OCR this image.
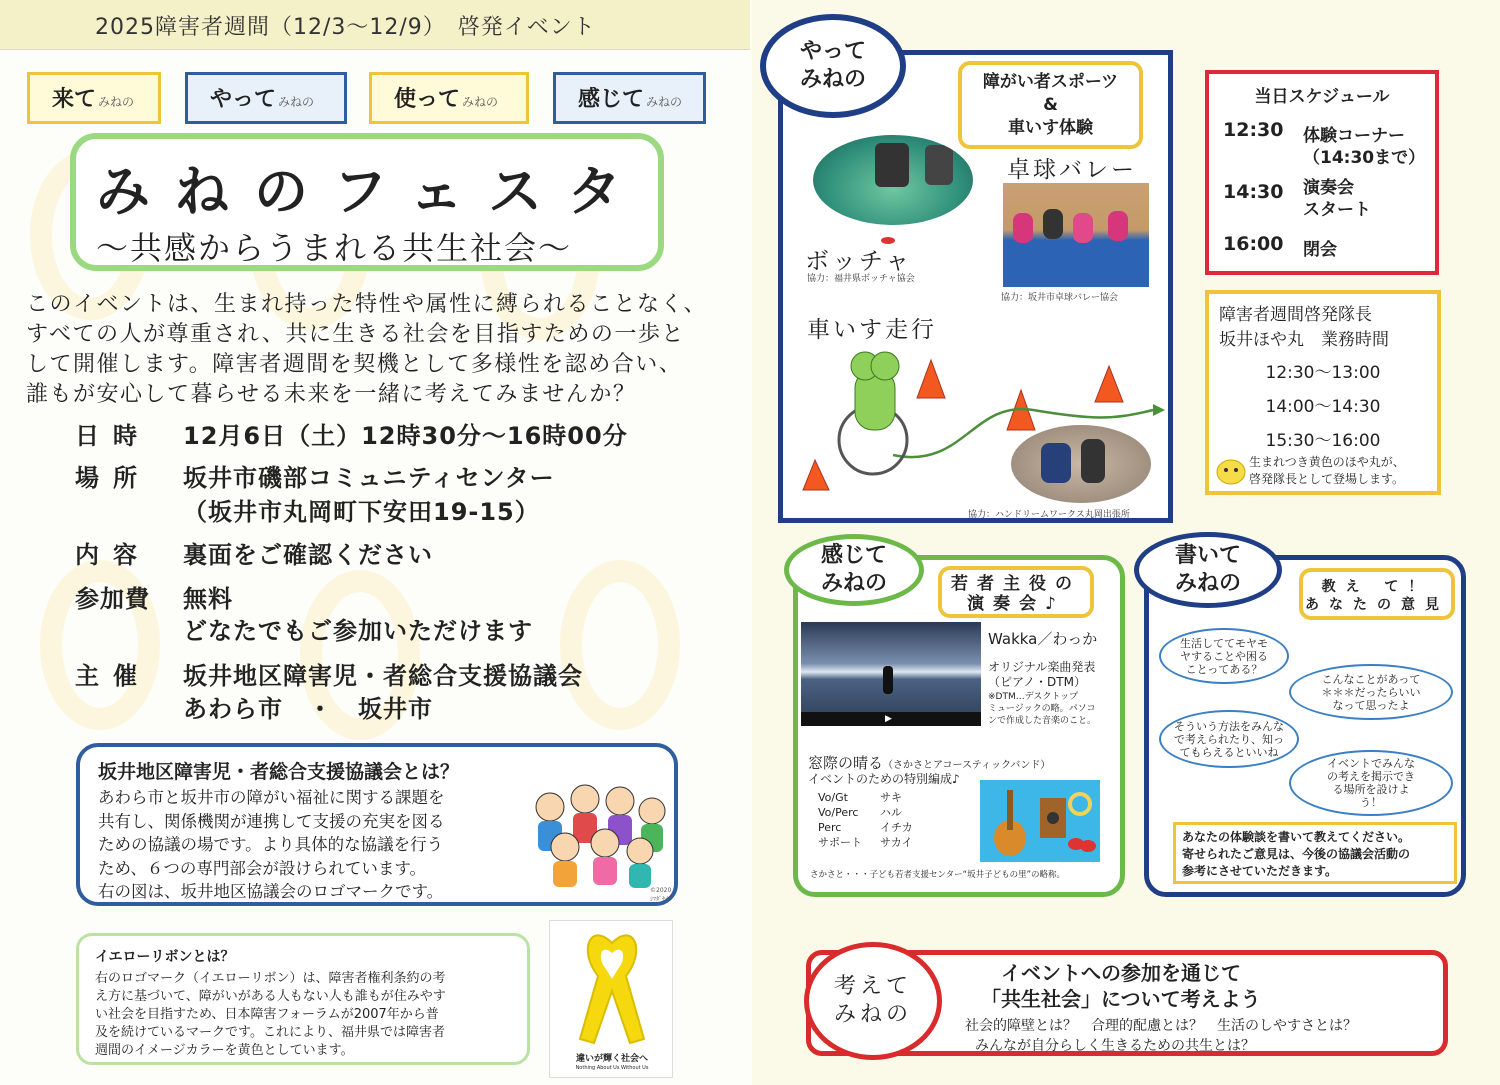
2025障害者週間（12/3～12/9）　啓発イベント
来て みねの	やって みねの	使って みねの	感じて みねの
みねのフェスタ
～共感からうまれる共生社会～
このイベントは、生まれ持った特性や属性に縛られることなく、
すべての人が尊重され、共に生きる社会を目指すための一歩と
して開催します。障害者週間を契機として多様性を認め合い、
誰もが安心して暮らせる未来を一緒に考えてみませんか？
日時 12月6日（土）12時30分～16時00分
場所 坂井市磯部コミュニティセンター
（坂井市丸岡町下安田19-15）
内容 裏面をご確認ください
参加費 無料
どなたでもご参加いただけます
主催 坂井地区障害児・者総合支援協議会
あわら市　・　坂井市
坂井地区障害児・者総合支援協議会とは？
あわら市と坂井市の障がい福祉に関する課題を
共有し、関係機関が連携して支援の充実を図る
ための協議の場です。より具体的な協議を行う
ため、６つの専門部会が設けられています。
右の図は、坂井地区協議会のロゴマークです。	©2020 ｼﾏﾀﾞｾｲｶ
イエローリボンとは？
右のロゴマーク（イエローリボン）は、障害者権利条約の考
え方に基づいて、障がいがある人もない人も誰もが住みやす
い社会を目指すため、日本障害フォーラムが2007年から普
及を続けているマークです。これにより、福井県では障害者
週間のイメージカラーを黄色としています。
違いが輝く社会へ
Nothing About Us Without Us
障がい者スポーツ
&
車いす体験
ボッチャ
協力：福井県ボッチャ協会
卓球バレー
協力：坂井市卓球バレー協会
車いす走行
協力：ハンドリームワークス丸岡出張所
やって
みねの
当日スケジュール
12:30 体験コーナー
（14:30まで）
14:30 演奏会
スタート
16:00 閉会
障害者週間啓発隊長
坂井ほや丸　業務時間
12:30～13:00
14:00～14:30
15:30～16:00
生まれつき黄色のほや丸が、
啓発隊長として登場します。
若者主役の
演奏会♪
▶
Wakka／わっか
オリジナル楽曲発表
（ピアノ・DTM）
※DTM…デスクトップ
ミュージックの略。パソコ
ンで作成した音楽のこと。
窓際の晴る（さかさとアコースティックバンド）
イベントのための特別編成♪
Vo/Gt	サキ
Vo/Perc ハル
Perc	イチカ
サポート サカイ
さかさと・・・子ども若者支援センター“坂井子どもの里”の略称。
感じて
みねの	教え て！
あなたの意見
生活しててモヤモヤすることや困ることってある？
こんなことがあって＊＊＊だったらいいなって思ったよ
そういう方法をみんなで考えられたり、知ってもらえるといいね
イベントでみんなの考えを掲示できる場所を設けよう！
あなたの体験談を書いて教えてください。
寄せられたご意見は、今後の協議会活動の
参考にさせていただきます。
書いて
みねの
イベントへの参加を通じて
「共生社会」について考えよう
社会的障壁とは？　合理的配慮とは？　生活のしやすさとは？
みんなが自分らしく生きるための共生とは？
考えて
みねの
